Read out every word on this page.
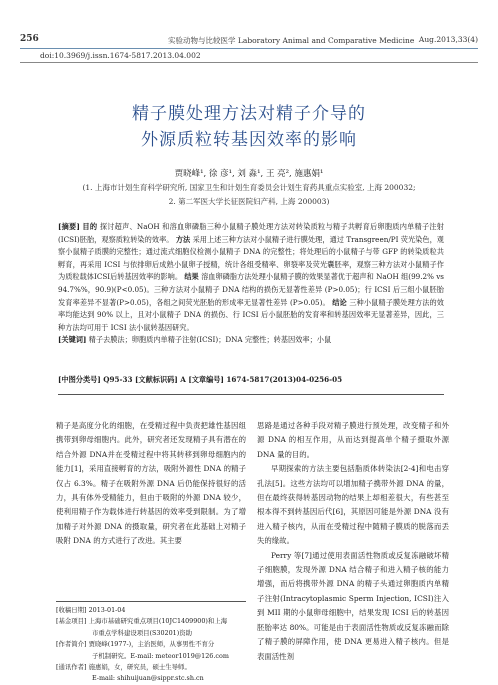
256	实验动物与比较医学 Laboratory Animal and Comparative Medicine Aug.2013,33(4)
doi:10.3969/j.issn.1674-5817.2013.04.002
精子膜处理方法对精子介导的
外源质粒转基因效率的影响
贾晓峰¹, 徐 彦¹, 刘 淼¹, 王 亮², 施惠娟¹
(1. 上海市计划生育科学研究所, 国家卫生和计划生育委员会计划生育药具重点实验室, 上海 200032;
2. 第二军医大学长征医院妇产科, 上海 200003)
[摘要] 目的 探讨超声、NaOH 和溶血卵磷脂三种小鼠精子膜处理方法对转染质粒与精子共孵育后卵胞质内单精子注射(ICSI)胚胎，观察质粒转染的效率。 方法 采用上述三种方法对小鼠精子进行膜处理，通过 Transgreen/PI 荧光染色，观察小鼠精子质膜的完整性；通过流式细胞仪检测小鼠精子 DNA 的完整性；将处理后的小鼠精子与带 GFP 的转染质粒共孵育，再采用 ICSI 与依排卵后成熟小鼠卵子授精，统计各组受精率、卵裂率及荧光囊胚率，观察三种方法对小鼠精子作为质粒载体ICSI后转基因效率的影响。 结果 溶血卵磷脂方法处理小鼠精子膜的效果显著优于超声和 NaOH 组(99.2% vs 94.7%%，90.9)(P<0.05)。三种方法对小鼠精子 DNA 结构的损伤无显著性差异 (P>0.05)；行 ICSI 后三组小鼠胚胎发育率差异不显著(P>0.05)，各组之间荧光胚胎的形成率无显著性差异 (P>0.05)。 结论 三种小鼠精子膜处理方法的效率均能达到 90% 以上，且对小鼠精子 DNA 的损伤、行 ICSI 后小鼠胚胎的发育率和转基因效率无显著差异，因此，三种方法均可用于 ICSI 法小鼠转基因研究。
[关键词] 精子去膜法；卵胞质内单精子注射(ICSI)；DNA 完整性；转基因效率；小鼠
[中图分类号] Q95-33 [文献标识码] A [文章编号] 1674-5817(2013)04-0256-05
精子是高度分化的细胞，在受精过程中负责把雄性基因组携带到卵母细胞内。此外，研究者还发现精子具有潜在的结合外源 DNA并在受精过程中将其转移到卵母细胞内的能力[1]，采用直接孵育的方法，吸附外源性 DNA 的精子仅占 6.3%。精子在吸附外源 DNA 后仍能保持很好的活力，具有体外受精能力，但由于吸附的外源 DNA 较少，使利用精子作为载体进行转基因的效率受到限制。为了增加精子对外源 DNA 的摄取量，研究者在此基础上对精子吸附 DNA 的方式进行了改进。其主要
思路是通过各种手段对精子膜进行预处理，改变精子和外源 DNA 的相互作用，从而达到提高单个精子摄取外源 DNA 量的目的。
早期探索的方法主要包括脂质体转染法[2-4]和电击穿孔法[5]。这些方法均可以增加精子携带外源 DNA 的量，但在最终获得转基因动物的结果上却相差很大，有些甚至根本得不到转基因后代[6]，其原因可能是外源 DNA 没有进入精子核内，从而在受精过程中随精子膜质的脱落而丢失的缘故。
Perry 等[7]通过使用表面活性物质或反复冻融破坏精子细胞膜，发现外源 DNA 结合精子和进入精子核的能力增强，而后将携带外源 DNA 的精子头通过卵胞质内单精子注射(Intracytoplasmic Sperm Injection, ICSI)注入到 MII 期的小鼠卵母细胞中，结果发现 ICSI 后的转基因胚胎率达 80%。可能是由于表面活性物质或反复冻融而除了精子膜的屏障作用，使 DNA 更易进入精子核内。但是表面活性剂
[收稿日期] 2013-01-04
[基金项目] 上海市基础研究重点项目(10JC1409900)和上海
市重点学科建设项目(S30201)资助
[作者简介] 贾晓峰(1977-)，主治医师，从事男性不育分
子机制研究。E-mail: meteor1019@126.com
[通讯作者] 施惠娟，女，研究员，硕士生导师。
E-mail: shihuijuan@sippr.stc.sh.cn
